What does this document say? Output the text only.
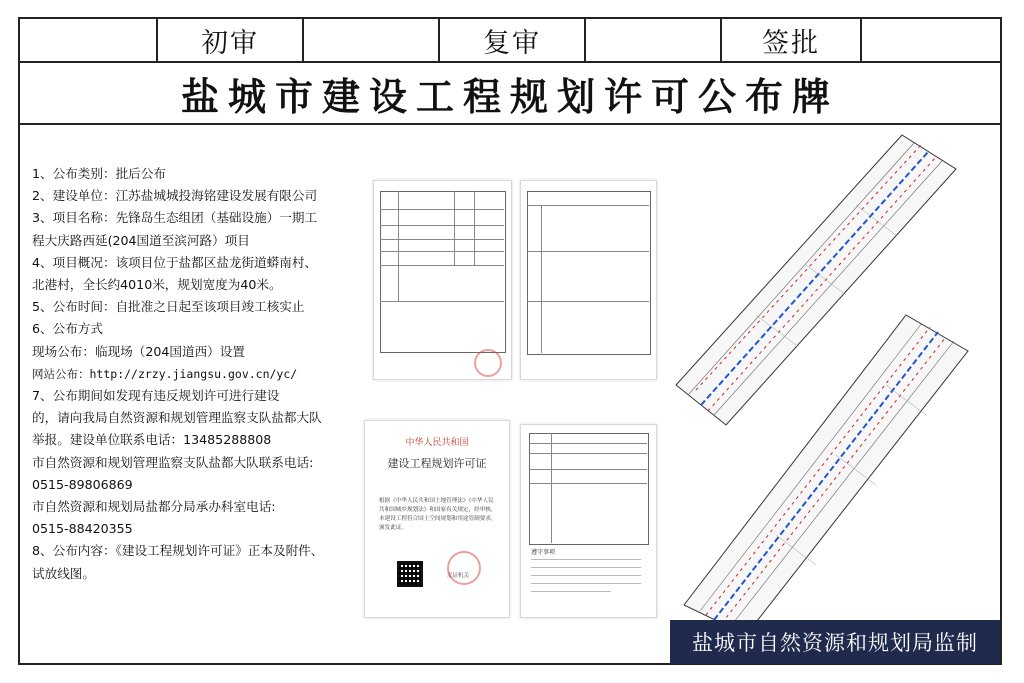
初审	复审	签批
盐城市建设工程规划许可公布牌

1、公布类别：批后公布

2、建设单位：江苏盐城城投海铭建设发展有限公司

3、项目名称：先锋岛生态组团（基础设施）一期工

程大庆路西延(204国道至滨河路）项目

4、项目概况：该项目位于盐都区盐龙街道蟒南村、

北港村，全长约4010米，规划宽度为40米。

5、公布时间：自批准之日起至该项目竣工核实止

6、公布方式

现场公布：临现场（204国道西）设置

网站公布：http://zrzy.jiangsu.gov.cn/yc/

7、公布期间如发现有违反规划许可进行建设

的，请向我局自然资源和规划管理监察支队盐都大队

举报。建设单位联系电话：13485288808

市自然资源和规划管理监察支队盐都大队联系电话:

0515-89806869

市自然资源和规划局盐都分局承办科室电话:

0515-88420355

8、公布内容：《建设工程规划许可证》正本及附件、

试放线图。

中华人民共和国
建设工程规划许可证
根据《中华人民共和国土地管理法》《中华人民共和国城乡规划法》和国家有关规定，经审核，本建设工程符合国土空间规划和用途管制要求，颁发此证。
发证机关
遵守事项
盐城市自然资源和规划局监制
